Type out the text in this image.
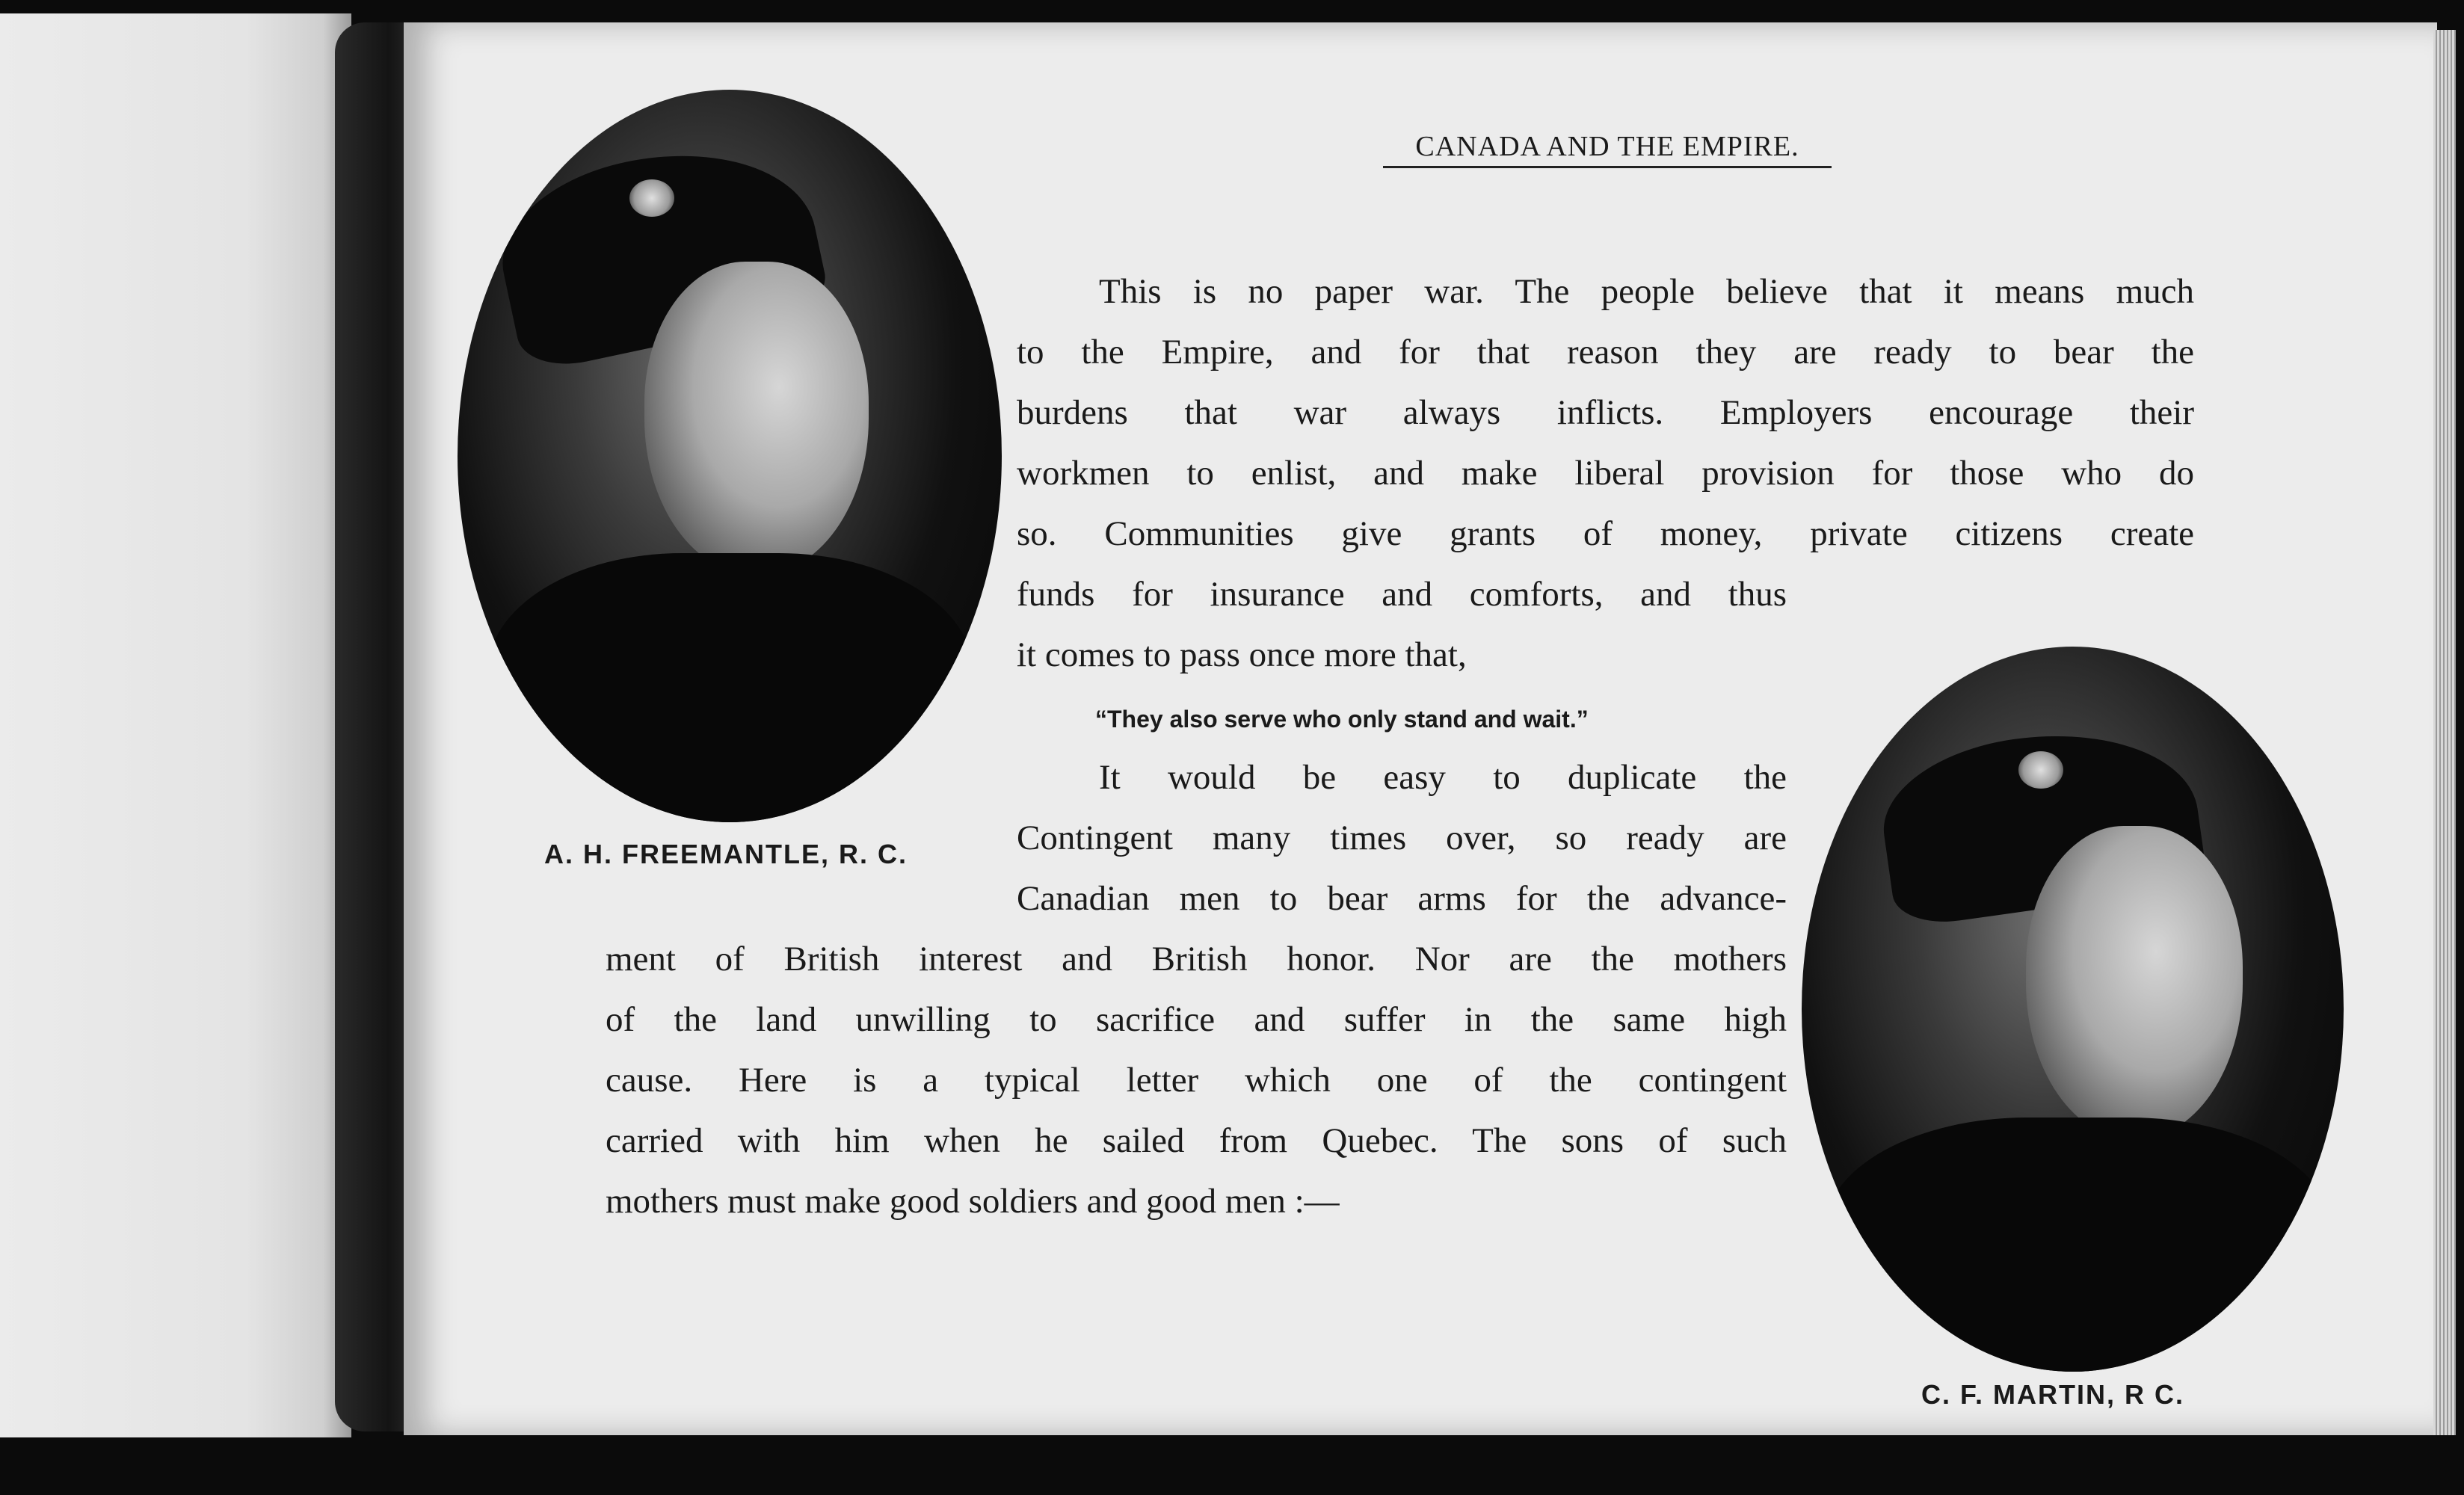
CANADA AND THE EMPIRE.
A. H. FREEMANTLE, R. C.
C. F. MARTIN, R C.
This is no paper war. The people believe that it means much
to the Empire, and for that reason they are ready to bear the
burdens that war always inflicts. Employers encourage their
workmen to enlist, and make liberal provision for those who do
so. Communities give grants of money, private citizens create
funds for insurance and comforts, and thus
it comes to pass once more that,
“They also serve who only stand and wait.”
It would be easy to duplicate the
Contingent many times over, so ready are
Canadian men to bear arms for the advance-
ment of British interest and British honor. Nor are the mothers
of the land unwilling to sacrifice and suffer in the same high
cause. Here is a typical letter which one of the contingent
carried with him when he sailed from Quebec. The sons of such
mothers must make good soldiers and good men :—
